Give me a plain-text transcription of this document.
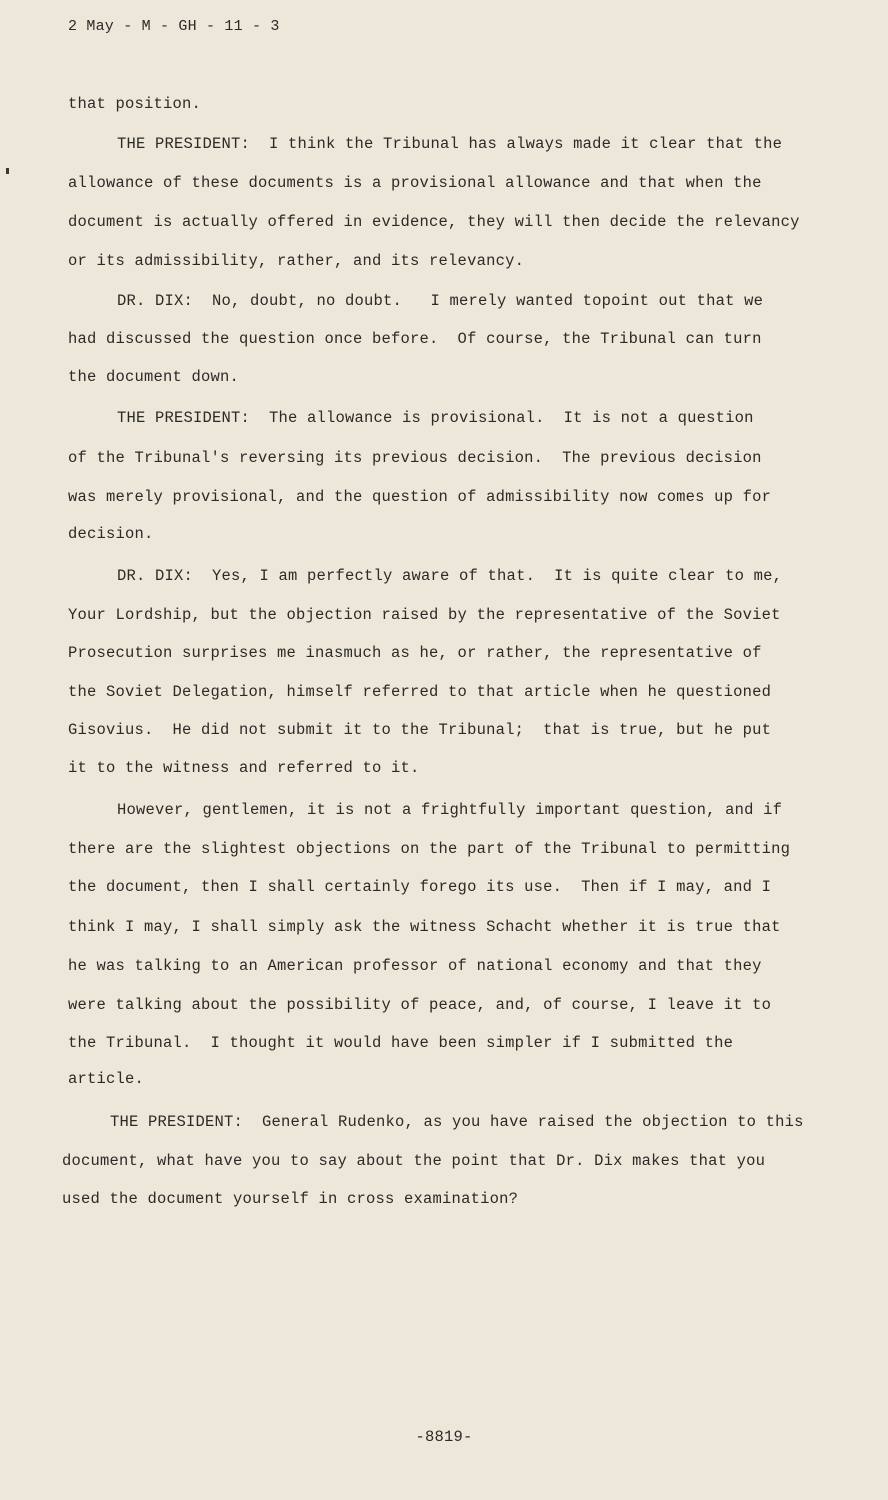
2 May - M - GH - 11 - 3
that position.
THE PRESIDENT:  I think the Tribunal has always made it clear that the
allowance of these documents is a provisional allowance and that when the
document is actually offered in evidence, they will then decide the relevancy
or its admissibility, rather, and its relevancy.
DR. DIX:  No, doubt, no doubt.   I merely wanted topoint out that we
had discussed the question once before.  Of course, the Tribunal can turn
the document down.
THE PRESIDENT:  The allowance is provisional.  It is not a question
of the Tribunal's reversing its previous decision.  The previous decision
was merely provisional, and the question of admissibility now comes up for
decision.
DR. DIX:  Yes, I am perfectly aware of that.  It is quite clear to me,
Your Lordship, but the objection raised by the representative of the Soviet
Prosecution surprises me inasmuch as he, or rather, the representative of
the Soviet Delegation, himself referred to that article when he questioned
Gisovius.  He did not submit it to the Tribunal;  that is true, but he put
it to the witness and referred to it.
However, gentlemen, it is not a frightfully important question, and if
there are the slightest objections on the part of the Tribunal to permitting
the document, then I shall certainly forego its use.  Then if I may, and I
think I may, I shall simply ask the witness Schacht whether it is true that
he was talking to an American professor of national economy and that they
were talking about the possibility of peace, and, of course, I leave it to
the Tribunal.  I thought it would have been simpler if I submitted the
article.
THE PRESIDENT:  General Rudenko, as you have raised the objection to this
document, what have you to say about the point that Dr. Dix makes that you
used the document yourself in cross examination?
-8819-
